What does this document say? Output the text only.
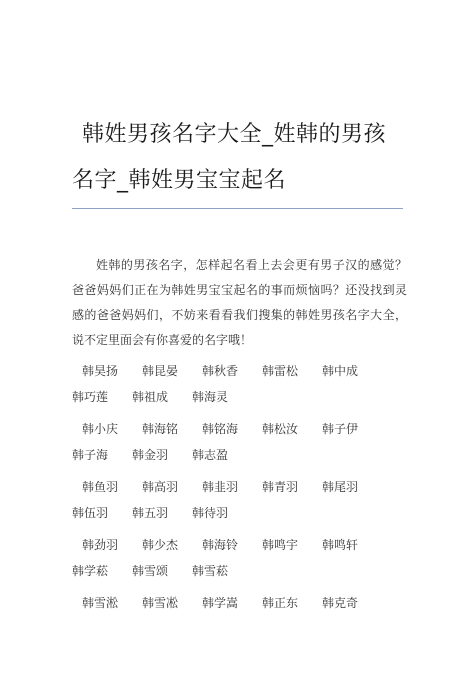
韩姓男孩名字大全_姓韩的男孩
名字_韩姓男宝宝起名
姓韩的男孩名字，怎样起名看上去会更有男子汉的感觉？爸爸妈妈们正在为韩姓男宝宝起名的事而烦恼吗？还没找到灵感的爸爸妈妈们，不妨来看看我们搜集的韩姓男孩名字大全，说不定里面会有你喜爱的名字哦！
韩昊扬 韩昆晏 韩秋香 韩雷松 韩中成
韩巧莲 韩祖成 韩海灵
韩小庆 韩海铭 韩铭海 韩松汝 韩子伊
韩子海 韩金羽 韩志盈
韩鱼羽 韩高羽 韩韭羽 韩青羽 韩尾羽
韩伍羽 韩五羽 韩待羽
韩劲羽 韩少杰 韩海铃 韩鸣宇 韩鸣轩
韩学菘 韩雪颂 韩雪菘
韩雪淞 韩雪凇 韩学嵩 韩正东 韩克奇
